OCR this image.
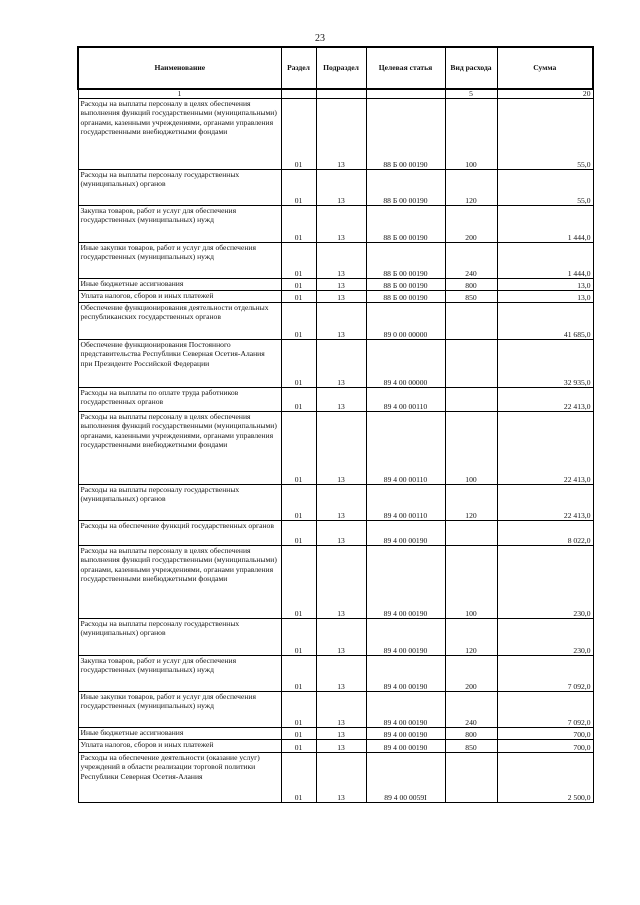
23
Наименование	Раздел	Подраздел	Целевая статья	Вид расхода	Сумма
1				5	20
Расходы на выплаты персоналу в целях обеспечения выполнения функций государственными (муниципальными) органами, казенными учреждениями, органами управления государственными внебюджетными фондами	01	13	88 Б 00 00190	100	55,0
Расходы на выплаты персоналу государственных (муниципальных) органов	01	13	88 Б 00 00190	120	55,0
Закупка товаров, работ и услуг для обеспечения государственных (муниципальных) нужд	01	13	88 Б 00 00190	200	1 444,0
Иные закупки товаров, работ и услуг для обеспечения государственных (муниципальных) нужд	01	13	88 Б 00 00190	240	1 444,0
Иные бюджетные ассигнования	01	13	88 Б 00 00190	800	13,0
Уплата налогов, сборов и иных платежей	01	13	88 Б 00 00190	850	13,0
Обеспечение функционирования деятельности отдельных республиканских государственных органов	01	13	89 0 00 00000		41 685,0
Обеспечение функционирования Постоянного представительства Республики Северная Осетия-Алания при Президенте Российской Федерации	01	13	89 4 00 00000		32 935,0
Расходы на выплаты по оплате труда работников государственных органов	01	13	89 4 00 00110		22 413,0
Расходы на выплаты персоналу в целях обеспечения выполнения функций государственными (муниципальными) органами, казенными учреждениями, органами управления государственными внебюджетными фондами	01	13	89 4 00 00110	100	22 413,0
Расходы на выплаты персоналу государственных (муниципальных) органов	01	13	89 4 00 00110	120	22 413,0
Расходы на обеспечение функций государственных органов	01	13	89 4 00 00190		8 022,0
Расходы на выплаты персоналу в целях обеспечения выполнения функций государственными (муниципальными) органами, казенными учреждениями, органами управления государственными внебюджетными фондами	01	13	89 4 00 00190	100	230,0
Расходы на выплаты персоналу государственных (муниципальных) органов	01	13	89 4 00 00190	120	230,0
Закупка товаров, работ и услуг для обеспечения государственных (муниципальных) нужд	01	13	89 4 00 00190	200	7 092,0
Иные закупки товаров, работ и услуг для обеспечения государственных (муниципальных) нужд	01	13	89 4 00 00190	240	7 092,0
Иные бюджетные ассигнования	01	13	89 4 00 00190	800	700,0
Уплата налогов, сборов и иных платежей	01	13	89 4 00 00190	850	700,0
Расходы на обеспечение деятельности (оказание услуг) учреждений в области реализации торговой политики Республики Северная Осетия-Алания	01	13	89 4 00 0059I		2 500,0
